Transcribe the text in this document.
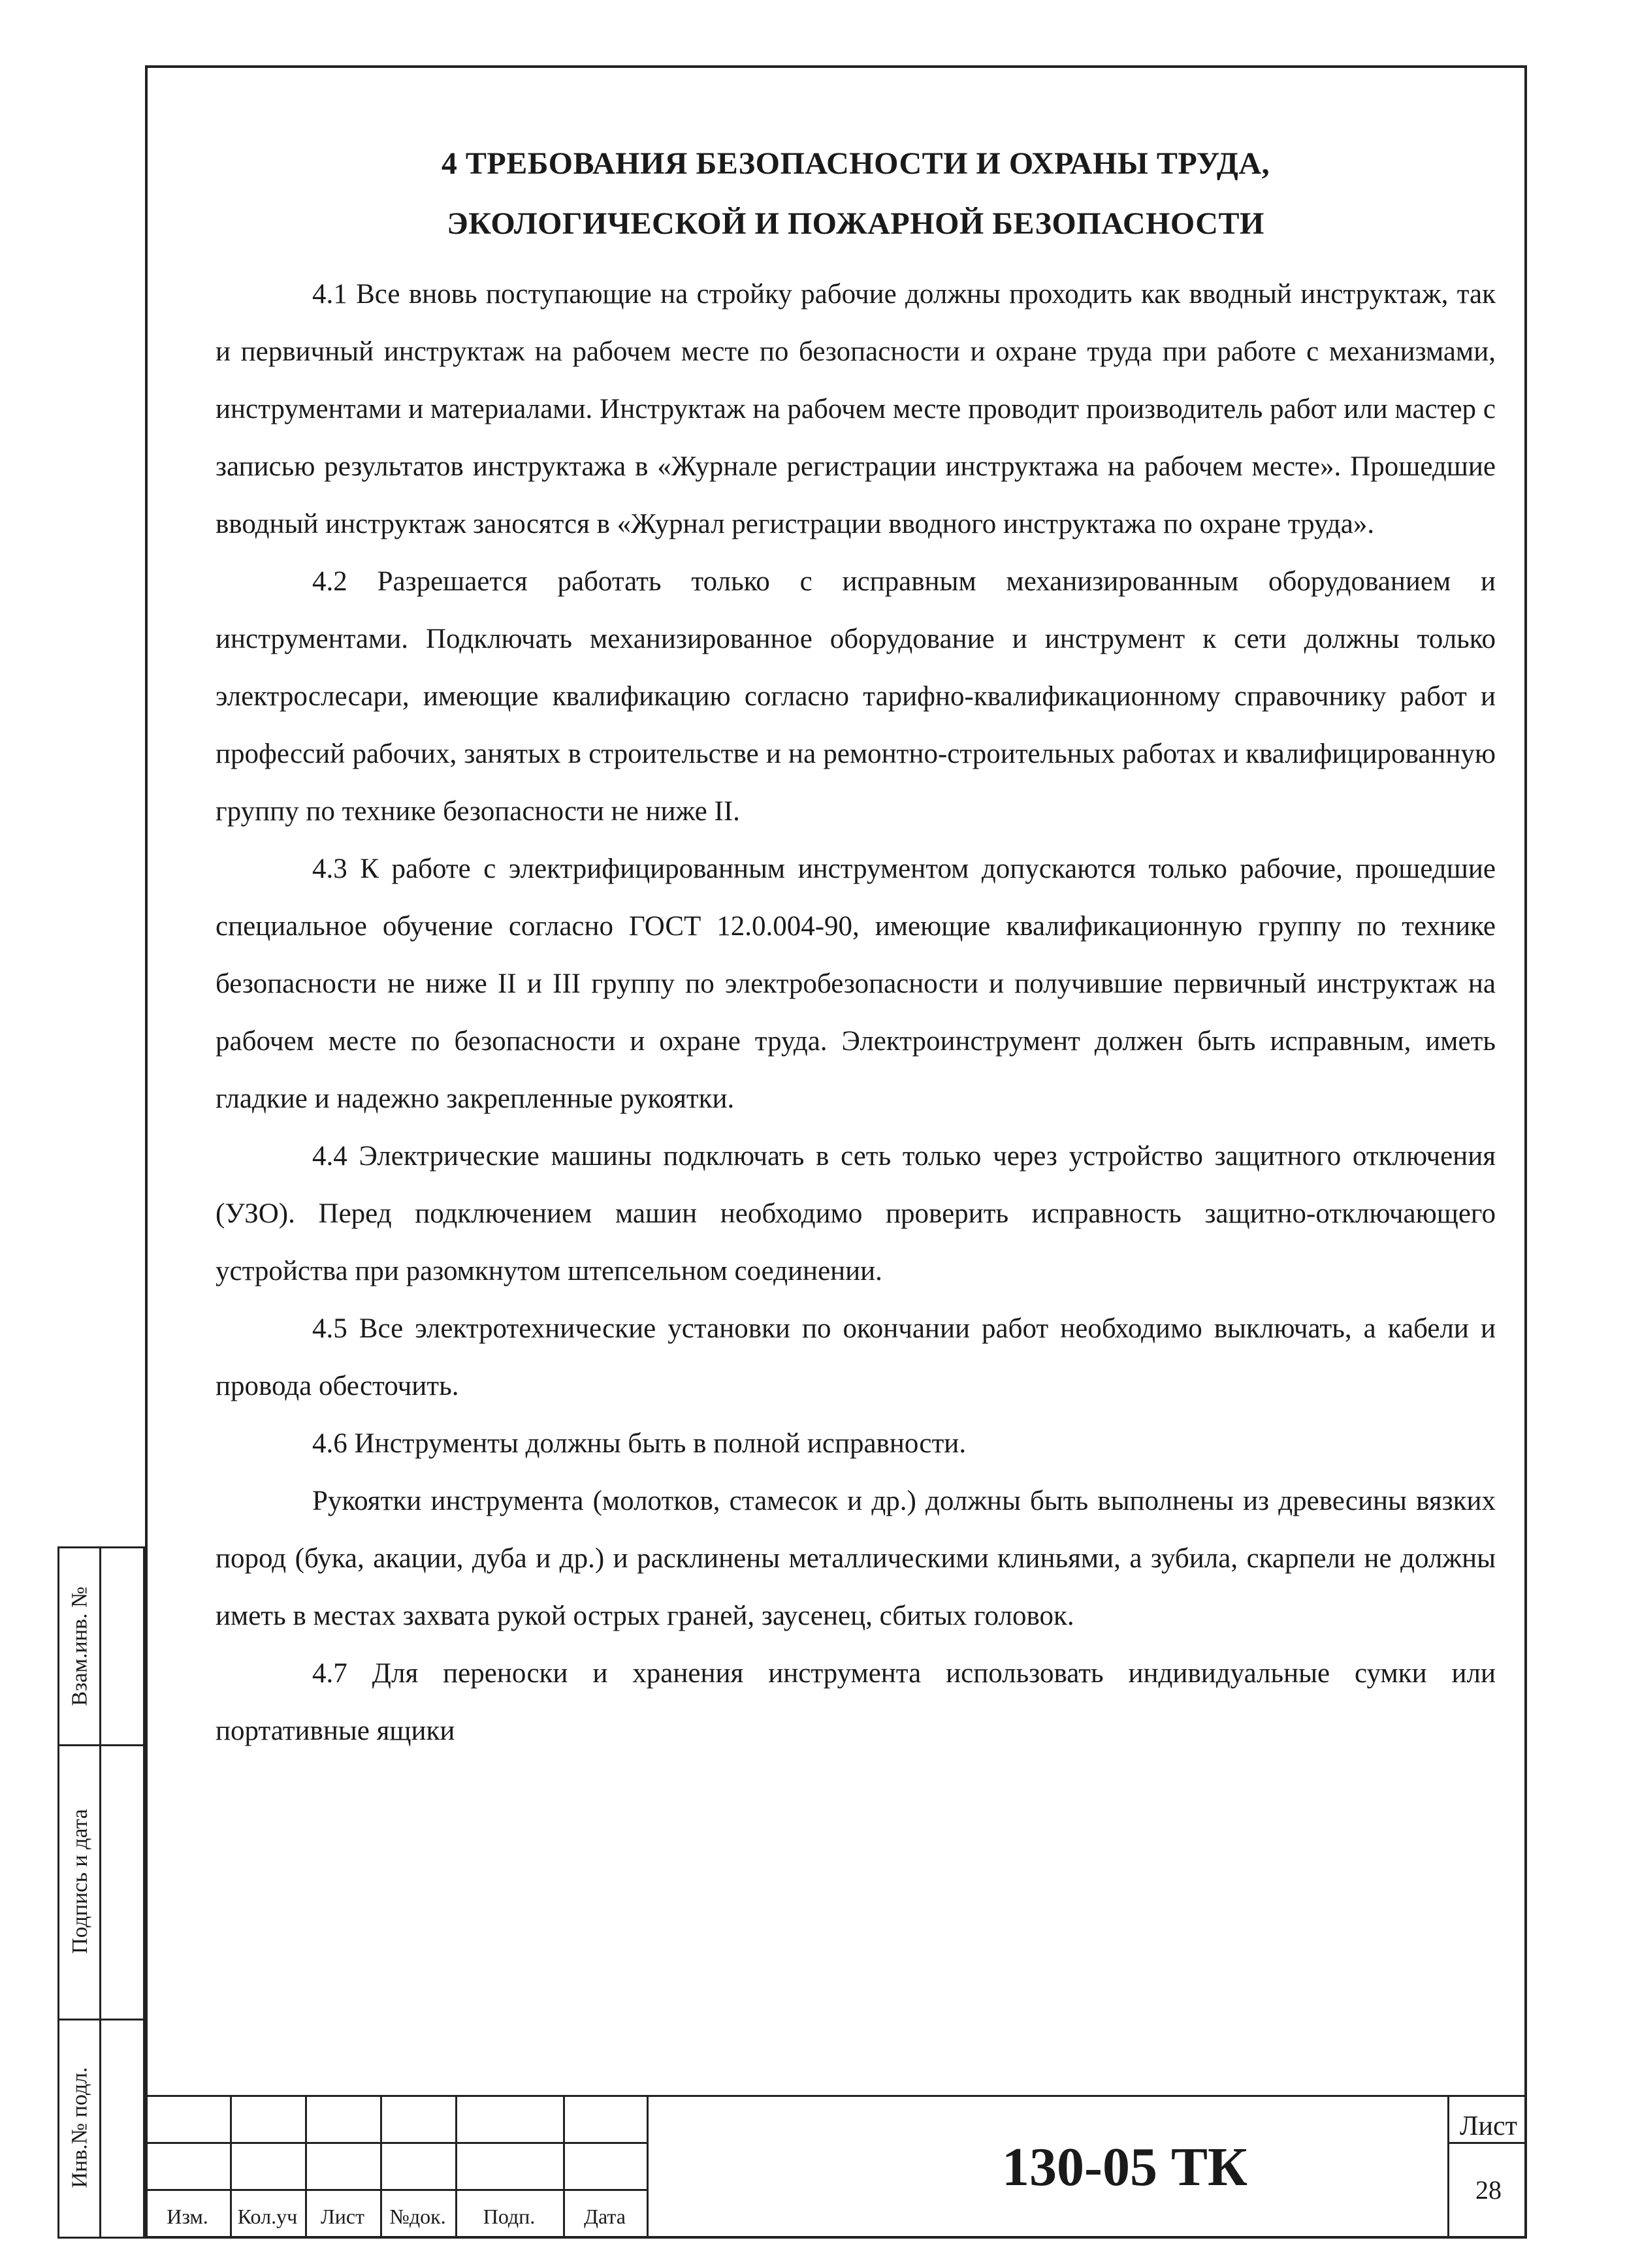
4 ТРЕБОВАНИЯ БЕЗОПАСНОСТИ И ОХРАНЫ ТРУДА,
ЭКОЛОГИЧЕСКОЙ И ПОЖАРНОЙ БЕЗОПАСНОСТИ

4.1 Все вновь поступающие на стройку рабочие должны проходить как вводный инструктаж, так и первичный инструктаж на рабочем месте по безопасности и охране труда при работе с механизмами, инструментами и материалами. Инструктаж на рабочем месте проводит производитель работ или мастер с записью результатов инструктажа в «Журнале регистрации инструктажа на рабочем месте». Прошедшие вводный инструктаж заносятся в «Журнал регистрации вводного инструктажа по охране труда».

4.2 Разрешается работать только с исправным механизированным оборудованием и инструментами. Подключать механизированное оборудование и инструмент к сети должны только электрослесари, имеющие квалификацию согласно тарифно-квалификационному справочнику работ и профессий рабочих, занятых в строительстве и на ремонтно-строительных работах и квалифицированную группу по технике безопасности не ниже II.

4.3 К работе с электрифицированным инструментом допускаются только рабочие, прошедшие специальное обучение согласно ГОСТ 12.0.004-90, имеющие квалификационную группу по технике безопасности не ниже II и III группу по электробезопасности и получившие первичный инструктаж на рабочем месте по безопасности и охране труда. Электроинструмент должен быть исправным, иметь гладкие и надежно закрепленные рукоятки.

4.4 Электрические машины подключать в сеть только через устройство защитного отключения (УЗО). Перед подключением машин необходимо проверить исправность защитно-отключающего устройства при разомкнутом штепсельном соединении.

4.5 Все электротехнические установки по окончании работ необходимо выключать, а кабели и провода обесточить.

4.6 Инструменты должны быть в полной исправности.

Рукоятки инструмента (молотков, стамесок и др.) должны быть выполнены из древесины вязких пород (бука, акации, дуба и др.) и расклинены металлическими клиньями, а зубила, скарпели не должны иметь в местах захвата рукой острых граней, заусенец, сбитых головок.

4.7 Для переноски и хранения инструмента использовать индивидуальные сумки или портативные ящики

Взам.инв. №
Подпись и дата
Инв.№ подл.
Изм.	Кол.уч	Лист	№док.	Подп.	Дата
130-05 ТК
Лист
28
